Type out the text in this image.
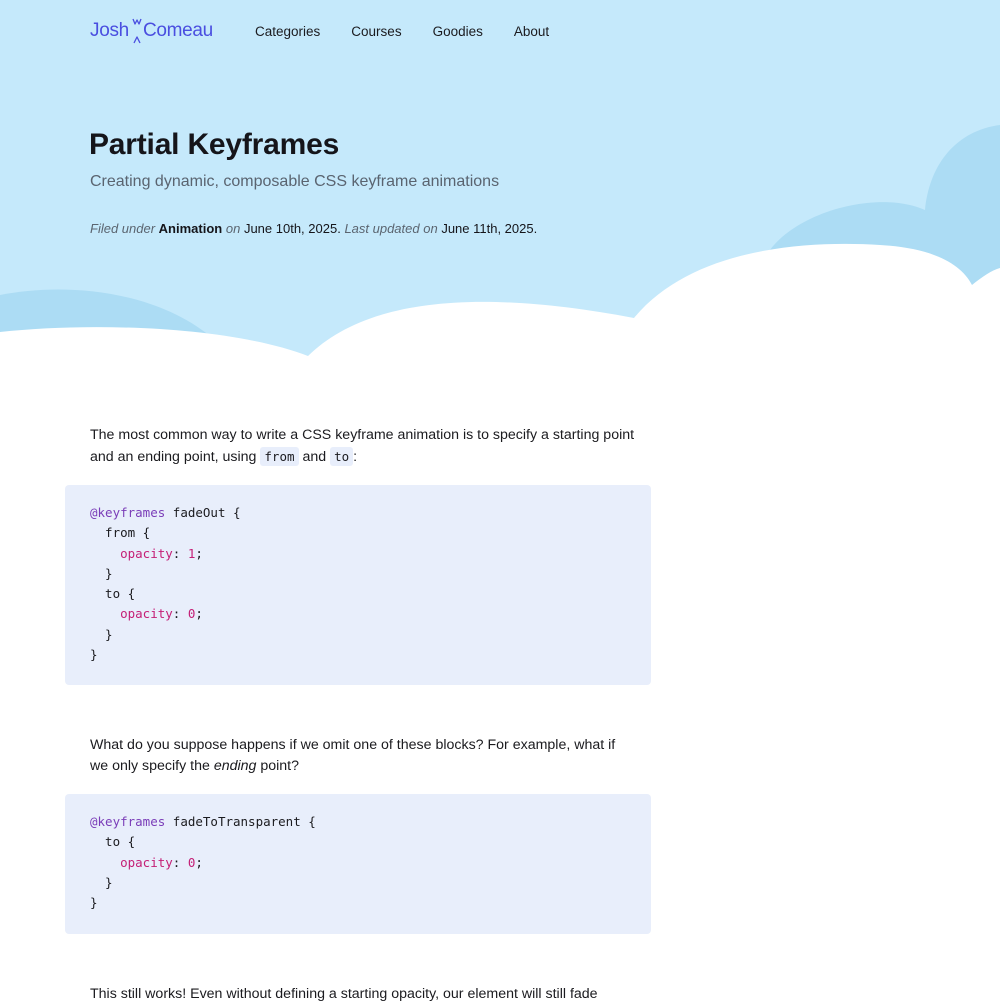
Josh Comeau	Categories Courses Goodies About
Partial Keyframes

Creating dynamic, composable CSS keyframe animations

Filed under Animation on June 10th, 2025. Last updated on June 11th, 2025.

The most common way to write a CSS keyframe animation is to specify a starting point and an ending point, using from and to :

@keyframes fadeOut {
from {
opacity: 1;
}
to {
opacity: 0;
}
}

What do you suppose happens if we omit one of these blocks? For example, what if we only specify the ending point?

@keyframes fadeToTransparent {
to {
opacity: 0;
}
}

This still works! Even without defining a starting opacity, our element will still fade
